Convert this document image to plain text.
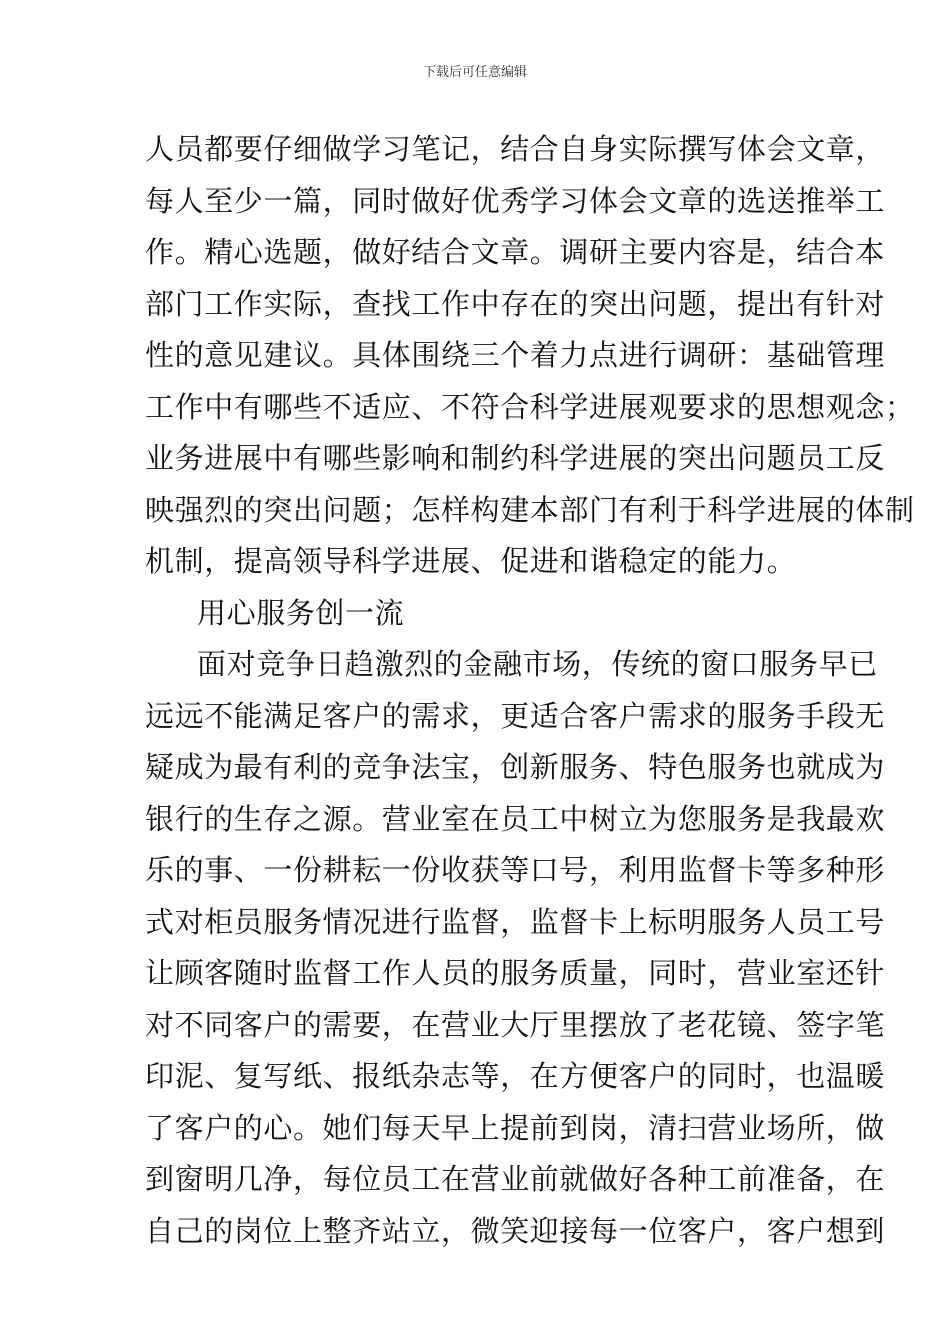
下载后可任意编辑
人员都要仔细做学习笔记，结合自身实际撰写体会文章，
每人至少一篇，同时做好优秀学习体会文章的选送推举工
作。精心选题，做好结合文章。调研主要内容是，结合本
部门工作实际，查找工作中存在的突出问题，提出有针对
性的意见建议。具体围绕三个着力点进行调研：基础管理
工作中有哪些不适应、不符合科学进展观要求的思想观念；
业务进展中有哪些影响和制约科学进展的突出问题员工反
映强烈的突出问题；怎样构建本部门有利于科学进展的体制
机制，提高领导科学进展、促进和谐稳定的能力。
用心服务创一流
面对竞争日趋激烈的金融市场，传统的窗口服务早已
远远不能满足客户的需求，更适合客户需求的服务手段无
疑成为最有利的竞争法宝，创新服务、特色服务也就成为
银行的生存之源。营业室在员工中树立为您服务是我最欢
乐的事、一份耕耘一份收获等口号，利用监督卡等多种形
式对柜员服务情况进行监督，监督卡上标明服务人员工号
让顾客随时监督工作人员的服务质量，同时，营业室还针
对不同客户的需要，在营业大厅里摆放了老花镜、签字笔
印泥、复写纸、报纸杂志等，在方便客户的同时，也温暖
了客户的心。她们每天早上提前到岗，清扫营业场所，做
到窗明几净，每位员工在营业前就做好各种工前准备，在
自己的岗位上整齐站立，微笑迎接每一位客户，客户想到
